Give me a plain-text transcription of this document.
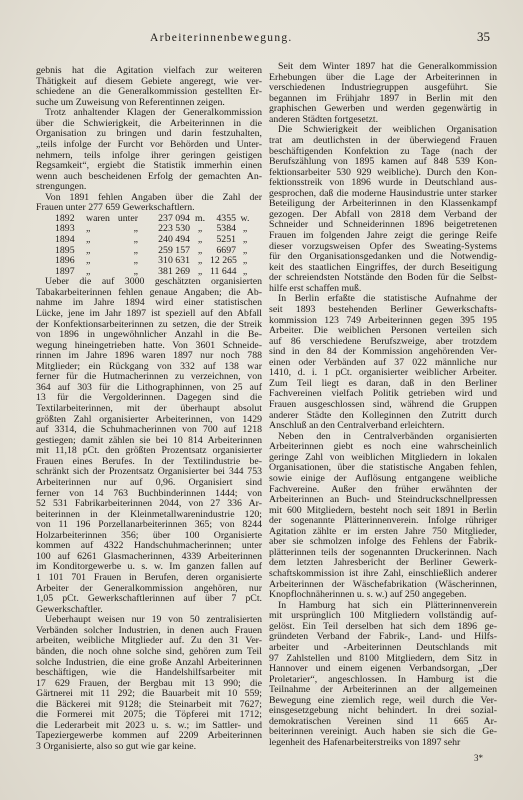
Arbeiterinnenbewegung.	35
gebnis hat die Agitation vielfach zur weiteren
Thätigkeit auf diesem Gebiete angeregt, wie ver-
schiedene an die Generalkommission gestellten Er-
suche um Zuweisung von Referentinnen zeigen.
Trotz anhaltender Klagen der Generalkommission
über die Schwierigkeit, die Arbeiterinnen in die
Organisation zu bringen und darin festzuhalten,
„teils infolge der Furcht vor Behörden und Unter-
nehmern, teils infolge ihrer geringen geistigen
Regsamkeit“, ergiebt die Statistik immerhin einen
wenn auch bescheidenen Erfolg der gemachten An-
strengungen.
Von 1891 fehlen Angaben über die Zahl der
Frauen unter 277 659 Gewerkschaftlern.
1892	waren unter	237 094 m.	4355 w.
1893	„ „	223 530 „	5384 „
1894	„ „	240 494 „	5251 „
1895	„ „	259 157 „	6697 „
1896	„ „	310 631 „ 12 265 „
1897	„ „	381 269 „ 11 644 „
Ueber die auf 3000 geschätzten organisierten
Tabakarbeiterinnen fehlen genaue Angaben; die Ab-
nahme im Jahre 1894 wird einer statistischen
Lücke, jene im Jahr 1897 ist speziell auf den Abfall
der Konfektionsarbeiterinnen zu setzen, die der Streik
von 1896 in ungewöhnlicher Anzahl in die Be-
wegung hineingetrieben hatte. Von 3601 Schneide-
rinnen im Jahre 1896 waren 1897 nur noch 788
Mitglieder; ein Rückgang von 332 auf 138 war
ferner für die Hutmacherinnen zu verzeichnen, von
364 auf 303 für die Lithographinnen, von 25 auf
13 für die Vergolderinnen. Dagegen sind die
Textilarbeiterinnen, mit der überhaupt absolut
größten Zahl organisierter Arbeiterinnen, von 1429
auf 3314, die Schuhmacherinnen von 700 auf 1218
gestiegen; damit zählen sie bei 10 814 Arbeiterinnen
mit 11,18 pCt. den größten Prozentsatz organisierter
Frauen eines Berufes. In der Textilindustrie be-
schränkt sich der Prozentsatz Organisierter bei 344 753
Arbeiterinnen nur auf 0,96. Organisiert sind
ferner von 14 763 Buchbinderinnen 1444; von
52 531 Fabrikarbeiterinnen 2044, von 27 336 Ar-
beiterinnen in der Kleinmetallwarenindustrie 120;
von 11 196 Porzellanarbeiterinnen 365; von 8244
Holzarbeiterinnen 356; über 100 Organisierte
kommen auf 4322 Handschuhmacherinnen; unter
100 auf 6261 Glasmacherinnen, 4339 Arbeiterinnen
im Konditorgewerbe u. s. w. Im ganzen fallen auf
1 101 701 Frauen in Berufen, deren organisierte
Arbeiter der Generalkommission angehören, nur
1,05 pCt. Gewerkschaftlerinnen auf über 7 pCt.
Gewerkschaftler.
Ueberhaupt weisen nur 19 von 50 zentralisierten
Verbänden solcher Industrien, in denen auch Frauen
arbeiten, weibliche Mitglieder auf. Zu den 31 Ver-
bänden, die noch ohne solche sind, gehören zum Teil
solche Industrien, die eine große Anzahl Arbeiterinnen
beschäftigen, wie die Handelshilfsarbeiter mit
17 629 Frauen, der Bergbau mit 13 990; die
Gärtnerei mit 11 292; die Bauarbeit mit 10 559;
die Bäckerei mit 9128; die Steinarbeit mit 7627;
die Formerei mit 2075; die Töpferei mit 1712;
die Lederarbeit mit 2023 u. s. w.; im Sattler- und
Tapeziergewerbe kommen auf 2209 Arbeiterinnen
3 Organisierte, also so gut wie gar keine.
Seit dem Winter 1897 hat die Generalkommission
Erhebungen über die Lage der Arbeiterinnen in
verschiedenen Industriegruppen ausgeführt. Sie
begannen im Frühjahr 1897 in Berlin mit den
graphischen Gewerben und werden gegenwärtig in
anderen Städten fortgesetzt.
Die Schwierigkeit der weiblichen Organisation
trat am deutlichsten in der überwiegend Frauen
beschäftigenden Konfektion zu Tage (nach der
Berufszählung von 1895 kamen auf 848 539 Kon-
fektionsarbeiter 530 929 weibliche). Durch den Kon-
fektionsstreik von 1896 wurde in Deutschland aus-
gesprochen, daß die moderne Hausindustrie unter starker
Beteiligung der Arbeiterinnen in den Klassenkampf
gezogen. Der Abfall von 2818 dem Verband der
Schneider und Schneiderinnen 1896 beigetretenen
Frauen im folgenden Jahre zeigt die geringe Reife
dieser vorzugsweisen Opfer des Sweating-Systems
für den Organisationsgedanken und die Notwendig-
keit des staatlichen Eingriffes, der durch Beseitigung
der schreiendsten Notstände den Boden für die Selbst-
hilfe erst schaffen muß.
In Berlin erfaßte die statistische Aufnahme der
seit 1893 bestehenden Berliner Gewerkschafts-
kommission 123 749 Arbeiterinnen gegen 395 195
Arbeiter. Die weiblichen Personen verteilen sich
auf 86 verschiedene Berufszweige, aber trotzdem
sind in den 84 der Kommission angehörenden Ver-
einen oder Verbänden auf 37 022 männliche nur
1410, d. i. 1 pCt. organisierter weiblicher Arbeiter.
Zum Teil liegt es daran, daß in den Berliner
Fachvereinen vielfach Politik getrieben wird und
Frauen ausgeschlossen sind, während die Gruppen
anderer Städte den Kolleginnen den Zutritt durch
Anschluß an den Centralverband erleichtern.
Neben den in Centralverbänden organisierten
Arbeiterinnen giebt es noch eine wahrscheinlich
geringe Zahl von weiblichen Mitgliedern in lokalen
Organisationen, über die statistische Angaben fehlen,
sowie einige der Auflösung entgangene weibliche
Fachvereine. Außer den früher erwähnten der
Arbeiterinnen an Buch- und Steindruckschnellpressen
mit 600 Mitgliedern, besteht noch seit 1891 in Berlin
der sogenannte Plätterinnenverein. Infolge rühriger
Agitation zählte er im ersten Jahre 750 Mitglieder,
aber sie schmolzen infolge des Fehlens der Fabrik-
plätterinnen teils der sogenannten Druckerinnen. Nach
dem letzten Jahresbericht der Berliner Gewerk-
schaftskommission ist ihre Zahl, einschließlich anderer
Arbeiterinnen der Wäschefabrikation (Wäscherinnen,
Knopflochnäherinnen u. s. w.) auf 250 angegeben.
In Hamburg hat sich ein Plätterinnenverein
mit ursprünglich 100 Mitgliedern vollständig auf-
gelöst. Ein Teil derselben hat sich dem 1896 ge-
gründeten Verband der Fabrik-, Land- und Hilfs-
arbeiter und -Arbeiterinnen Deutschlands mit
97 Zahlstellen und 8100 Mitgliedern, dem Sitz in
Hannover und einem eigenen Verbandsorgan, „Der
Proletarier“, angeschlossen. In Hamburg ist die
Teilnahme der Arbeiterinnen an der allgemeinen
Bewegung eine ziemlich rege, weil durch die Ver-
einsgesetzgebung nicht behindert. In drei sozial-
demokratischen Vereinen sind 11 665 Ar-
beiterinnen vereinigt. Auch haben sie sich die Ge-
legenheit des Hafenarbeiterstreiks von 1897 sehr
3*
